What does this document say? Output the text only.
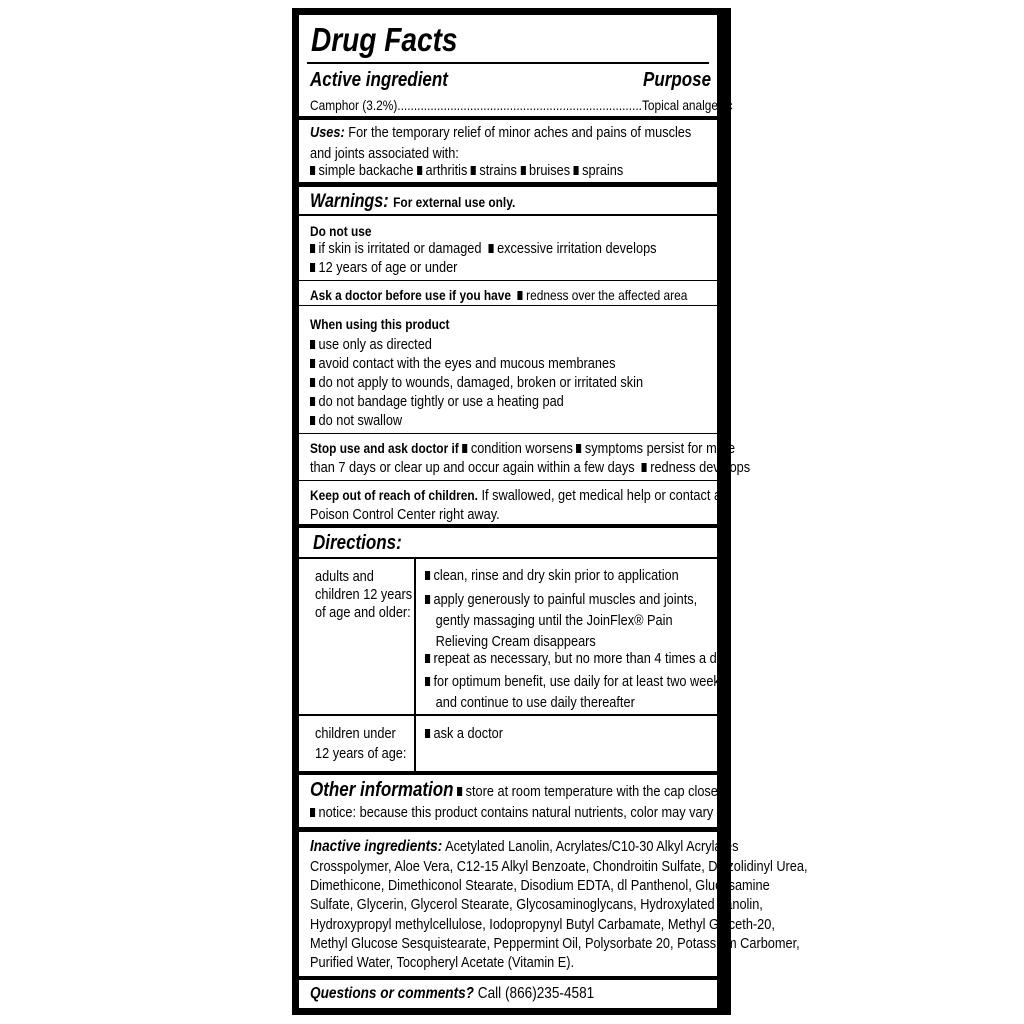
Drug Facts
Active ingredient	Purpose
Camphor (3.2%)..........................................................................Topical analgesic
Uses: For the temporary relief of minor aches and pains of muscles
and joints associated with:
simple backache arthritis strains bruises sprains
Warnings: For external use only.
Do not use
if skin is irritated or damaged excessive irritation develops
12 years of age or under
Ask a doctor before use if you have redness over the affected area
When using this product
use only as directed
avoid contact with the eyes and mucous membranes
do not apply to wounds, damaged, broken or irritated skin
do not bandage tightly or use a heating pad
do not swallow
Stop use and ask doctor if condition worsens symptoms persist for more
than 7 days or clear up and occur again within a few days redness develops
Keep out of reach of children. If swallowed, get medical help or contact a
Poison Control Center right away.
Directions:
adults and
children 12 years
of age and older:
clean, rinse and dry skin prior to application
apply generously to painful muscles and joints,
gently massaging until the JoinFlex® Pain
Relieving Cream disappears
repeat as necessary, but no more than 4 times a day
for optimum benefit, use daily for at least two weeks
and continue to use daily thereafter
children under
12 years of age:
ask a doctor
Other information store at room temperature with the cap closed
notice: because this product contains natural nutrients, color may vary
Inactive ingredients: Acetylated Lanolin, Acrylates/C10-30 Alkyl Acrylates
Crosspolymer, Aloe Vera, C12-15 Alkyl Benzoate, Chondroitin Sulfate, Diazolidinyl Urea,
Dimethicone, Dimethiconol Stearate, Disodium EDTA, dl Panthenol, Glucosamine
Sulfate, Glycerin, Glycerol Stearate, Glycosaminoglycans, Hydroxylated Lanolin,
Hydroxypropyl methylcellulose, Iodopropynyl Butyl Carbamate, Methyl Gluceth-20,
Methyl Glucose Sesquistearate, Peppermint Oil, Polysorbate 20, Potassium Carbomer,
Purified Water, Tocopheryl Acetate (Vitamin E).
Questions or comments? Call (866)235-4581
